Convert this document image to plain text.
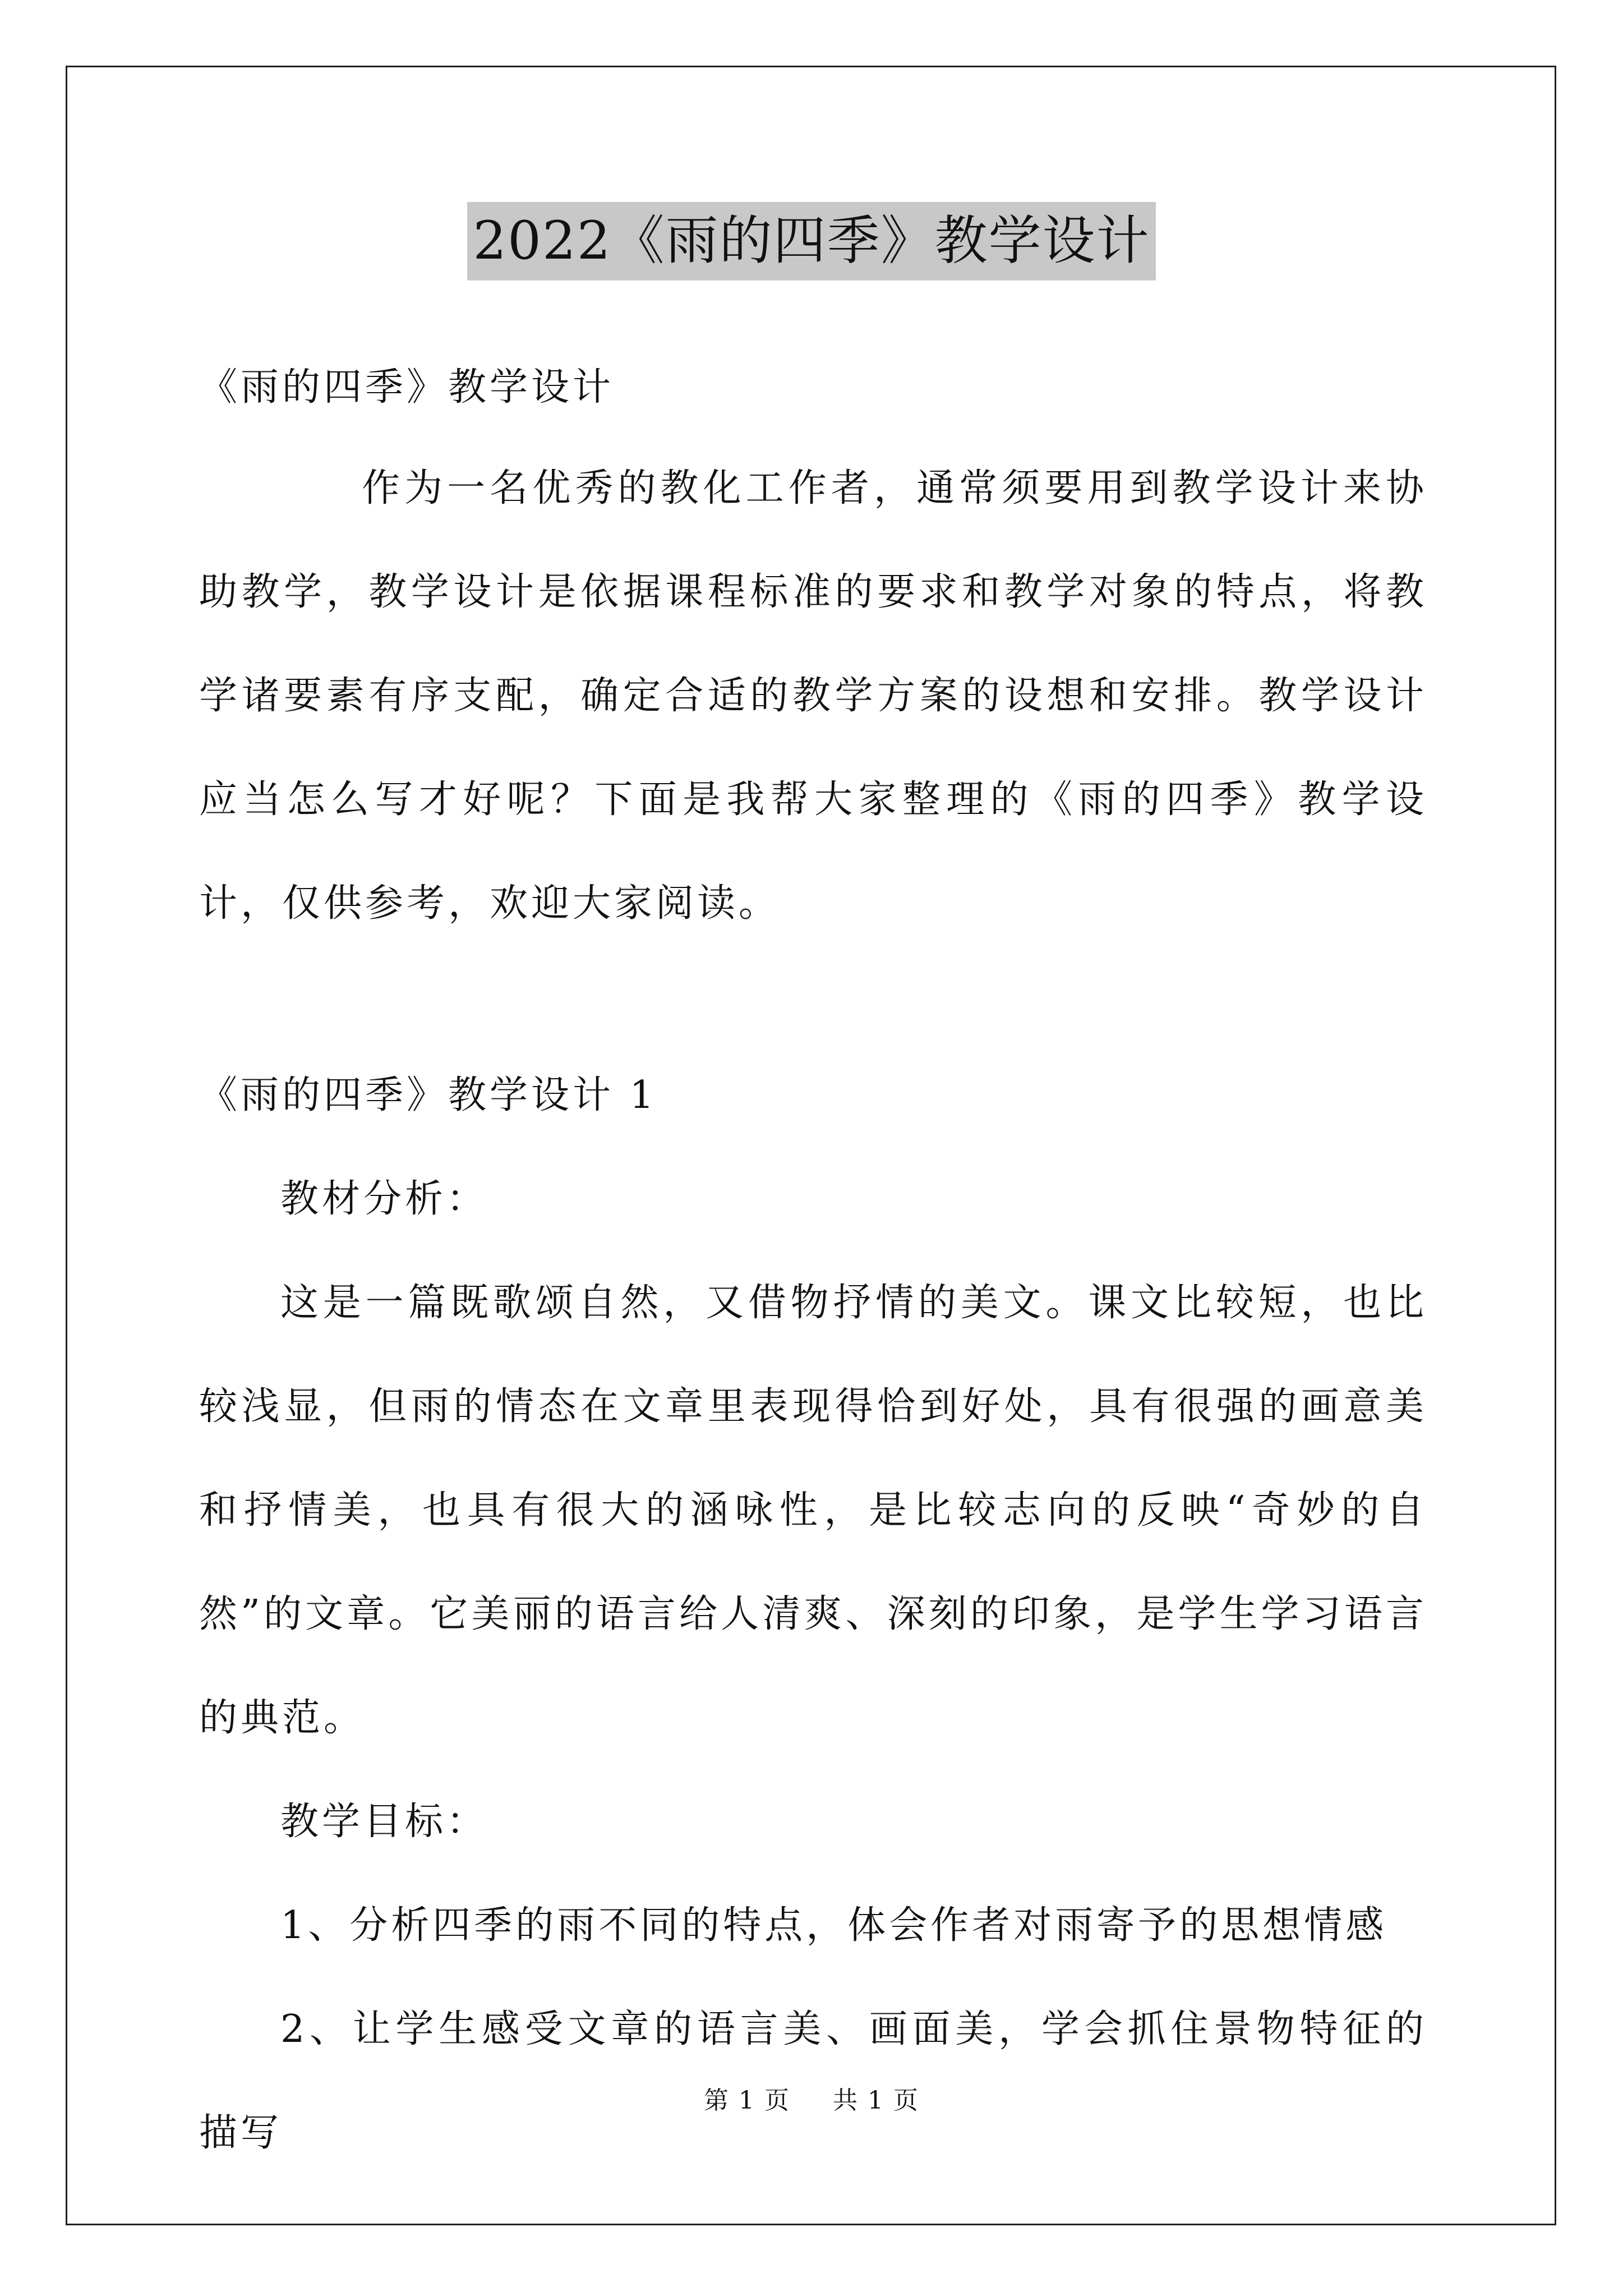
2022《雨的四季》教学设计

《雨的四季》教学设计

作为一名优秀的教化工作者，通常须要用到教学设计来协助教学，教学设计是依据课程标准的要求和教学对象的特点，将教学诸要素有序支配，确定合适的教学方案的设想和安排。教学设计应当怎么写才好呢？下面是我帮大家整理的《雨的四季》教学设计，仅供参考，欢迎大家阅读。

《雨的四季》教学设计 1

教材分析：

这是一篇既歌颂自然，又借物抒情的美文。课文比较短，也比较浅显，但雨的情态在文章里表现得恰到好处，具有很强的画意美和抒情美，也具有很大的涵咏性，是比较志向的反映“奇妙的自然”的文章。它美丽的语言给人清爽、深刻的印象，是学生学习语言的典范。

教学目标：

1、分析四季的雨不同的特点，体会作者对雨寄予的思想情感

2、让学生感受文章的语言美、画面美，学会抓住景物特征的描写

第 1 页 共 1 页
